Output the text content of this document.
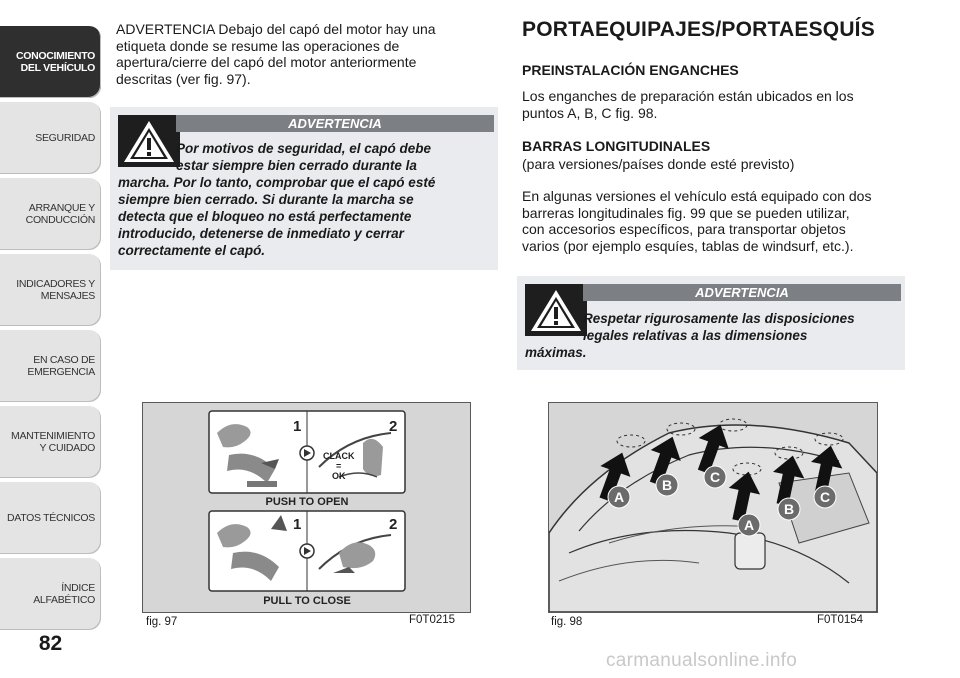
CONOCIMIENTO DEL VEHÍCULO
SEGURIDAD
ARRANQUE Y CONDUCCIÓN
INDICADORES Y MENSAJES
EN CASO DE EMERGENCIA
MANTENIMIENTO Y CUIDADO
DATOS TÉCNICOS
ÍNDICE ALFABÉTICO
82
ADVERTENCIA Debajo del capó del motor hay una
etiqueta donde se resume las operaciones de
apertura/cierre del capó del motor anteriormente
descritas (ver fig. 97).
ADVERTENCIA
Por motivos de seguridad, el capó debe
estar siempre bien cerrado durante la
marcha. Por lo tanto, comprobar que el capó esté
siempre bien cerrado. Si durante la marcha se
detecta que el bloqueo no está perfectamente
introducido, detenerse de inmediato y cerrar
correctamente el capó.
1	2
1	2
CLACK
=
OK
PUSH TO OPEN
PULL TO CLOSE
fig. 97	F0T0215
PORTAEQUIPAJES/PORTAESQUÍS
PREINSTALACIÓN ENGANCHES
Los enganches de preparación están ubicados en los
puntos A, B, C fig. 98.
BARRAS LONGITUDINALES
(para versiones/países donde esté previsto)
En algunas versiones el vehículo está equipado con dos
barreras longitudinales fig. 99 que se pueden utilizar,
con accesorios específicos, para transportar objetos
varios (por ejemplo esquíes, tablas de windsurf, etc.).
ADVERTENCIA
Respetar rigurosamente las disposiciones
legales relativas a las dimensiones
máximas.
A
B	C
A
B
C
fig. 98	F0T0154
carmanualsonline.info
